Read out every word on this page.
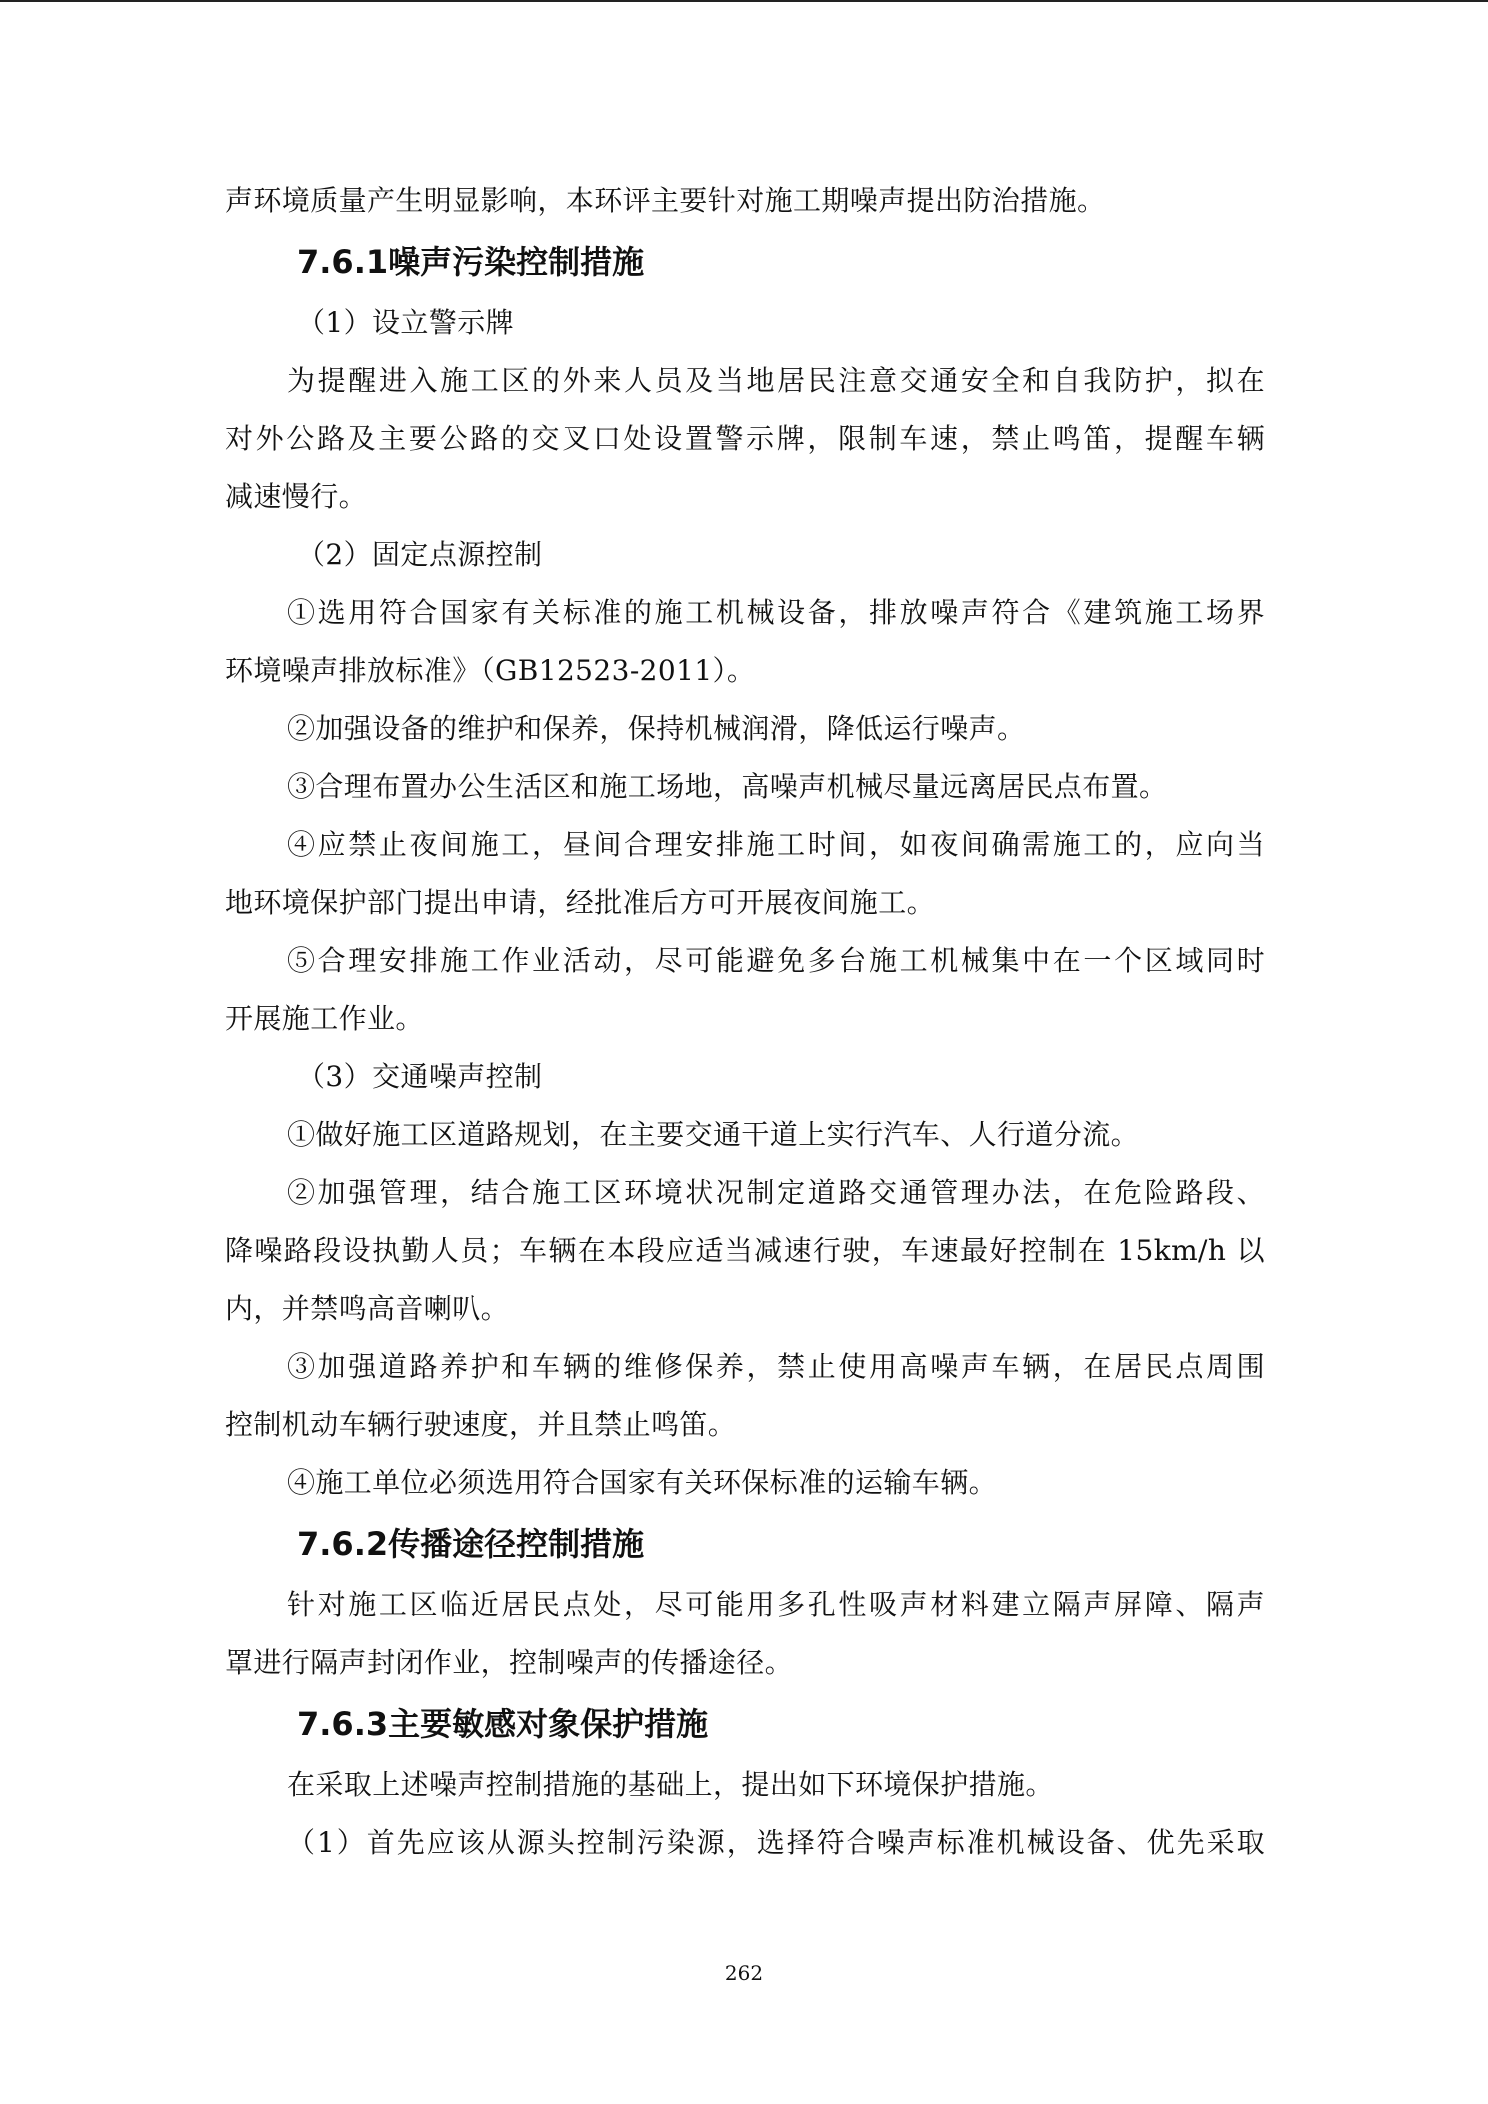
声环境质量产生明显影响，本环评主要针对施工期噪声提出防治措施。
7.6.1噪声污染控制措施
（1）设立警示牌
为提醒进入施工区的外来人员及当地居民注意交通安全和自我防护，拟在
对外公路及主要公路的交叉口处设置警示牌，限制车速，禁止鸣笛，提醒车辆
减速慢行。
（2）固定点源控制
①选用符合国家有关标准的施工机械设备，排放噪声符合《建筑施工场界
环境噪声排放标准》（GB12523-2011）。
②加强设备的维护和保养，保持机械润滑，降低运行噪声。
③合理布置办公生活区和施工场地，高噪声机械尽量远离居民点布置。
④应禁止夜间施工，昼间合理安排施工时间，如夜间确需施工的，应向当
地环境保护部门提出申请，经批准后方可开展夜间施工。
⑤合理安排施工作业活动，尽可能避免多台施工机械集中在一个区域同时
开展施工作业。
（3）交通噪声控制
①做好施工区道路规划，在主要交通干道上实行汽车、人行道分流。
②加强管理，结合施工区环境状况制定道路交通管理办法，在危险路段、
降噪路段设执勤人员；车辆在本段应适当减速行驶，车速最好控制在 15km/h 以
内，并禁鸣高音喇叭。
③加强道路养护和车辆的维修保养，禁止使用高噪声车辆，在居民点周围
控制机动车辆行驶速度，并且禁止鸣笛。
④施工单位必须选用符合国家有关环保标准的运输车辆。
7.6.2传播途径控制措施
针对施工区临近居民点处，尽可能用多孔性吸声材料建立隔声屏障、隔声
罩进行隔声封闭作业，控制噪声的传播途径。
7.6.3主要敏感对象保护措施
在采取上述噪声控制措施的基础上，提出如下环境保护措施。
（1）首先应该从源头控制污染源，选择符合噪声标准机械设备、优先采取
262
